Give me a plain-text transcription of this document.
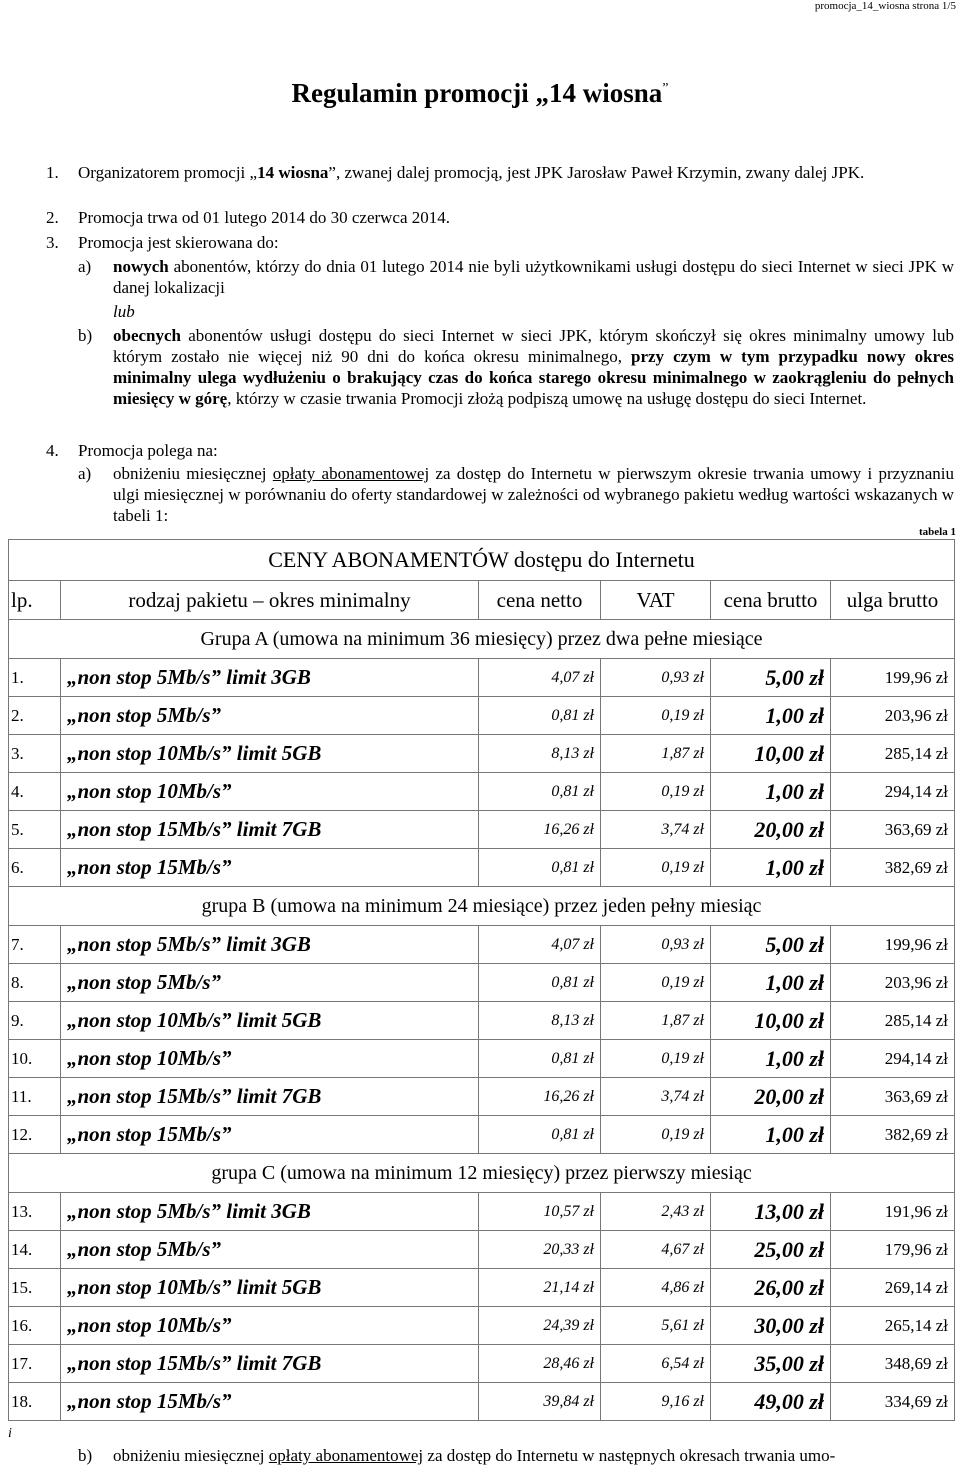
promocja_14_wiosna strona 1/5
Regulamin promocji „14 wiosna”
1. Organizatorem promocji „14 wiosna”, zwanej dalej promocją, jest JPK Jarosław Paweł Krzymin, zwany dalej JPK.
2. Promocja trwa od 01 lutego 2014 do 30 czerwca 2014.
3. Promocja jest skierowana do:
a) nowych abonentów, którzy do dnia 01 lutego 2014 nie byli użytkownikami usługi dostępu do sieci Internet w sieci JPK w danej lokalizacji
lub
b) obecnych abonentów usługi dostępu do sieci Internet w sieci JPK, którym skończył się okres minimalny umowy lub którym zostało nie więcej niż 90 dni do końca okresu minimalnego, przy czym w tym przypadku nowy okres minimalny ulega wydłużeniu o brakujący czas do końca starego okresu minimalnego w zaokrągleniu do pełnych miesięcy w górę, którzy w czasie trwania Promocji złożą podpiszą umowę na usługę dostępu do sieci Internet.
4. Promocja polega na:
a) obniżeniu miesięcznej opłaty abonamentowej za dostęp do Internetu w pierwszym okresie trwania umowy i przyznaniu ulgi miesięcznej w porównaniu do oferty standardowej w zależności od wybranego pakietu według wartości wskazanych w tabeli 1:
tabela 1
CENY ABONAMENTÓW dostępu do Internetu					
lp.	rodzaj pakietu – okres minimalny	cena netto	VAT	cena brutto	ulga brutto
Grupa A (umowa na minimum 36 miesięcy) przez dwa pełne miesiące					
1.	„non stop 5Mb/s” limit 3GB	4,07 zł	0,93 zł	5,00 zł	199,96 zł
2.	„non stop 5Mb/s”	0,81 zł	0,19 zł	1,00 zł	203,96 zł
3.	„non stop 10Mb/s” limit 5GB	8,13 zł	1,87 zł	10,00 zł	285,14 zł
4.	„non stop 10Mb/s”	0,81 zł	0,19 zł	1,00 zł	294,14 zł
5.	„non stop 15Mb/s” limit 7GB	16,26 zł	3,74 zł	20,00 zł	363,69 zł
6.	„non stop 15Mb/s”	0,81 zł	0,19 zł	1,00 zł	382,69 zł
grupa B (umowa na minimum 24 miesiące) przez jeden pełny miesiąc					
7.	„non stop 5Mb/s” limit 3GB	4,07 zł	0,93 zł	5,00 zł	199,96 zł
8.	„non stop 5Mb/s”	0,81 zł	0,19 zł	1,00 zł	203,96 zł
9.	„non stop 10Mb/s” limit 5GB	8,13 zł	1,87 zł	10,00 zł	285,14 zł
10.	„non stop 10Mb/s”	0,81 zł	0,19 zł	1,00 zł	294,14 zł
11.	„non stop 15Mb/s” limit 7GB	16,26 zł	3,74 zł	20,00 zł	363,69 zł
12.	„non stop 15Mb/s”	0,81 zł	0,19 zł	1,00 zł	382,69 zł
grupa C (umowa na minimum 12 miesięcy) przez pierwszy miesiąc					
13.	„non stop 5Mb/s” limit 3GB	10,57 zł	2,43 zł	13,00 zł	191,96 zł
14.	„non stop 5Mb/s”	20,33 zł	4,67 zł	25,00 zł	179,96 zł
15.	„non stop 10Mb/s” limit 5GB	21,14 zł	4,86 zł	26,00 zł	269,14 zł
16.	„non stop 10Mb/s”	24,39 zł	5,61 zł	30,00 zł	265,14 zł
17.	„non stop 15Mb/s” limit 7GB	28,46 zł	6,54 zł	35,00 zł	348,69 zł
18.	„non stop 15Mb/s”	39,84 zł	9,16 zł	49,00 zł	334,69 zł
i
b) obniżeniu miesięcznej opłaty abonamentowej za dostęp do Internetu w następnych okresach trwania umo-
